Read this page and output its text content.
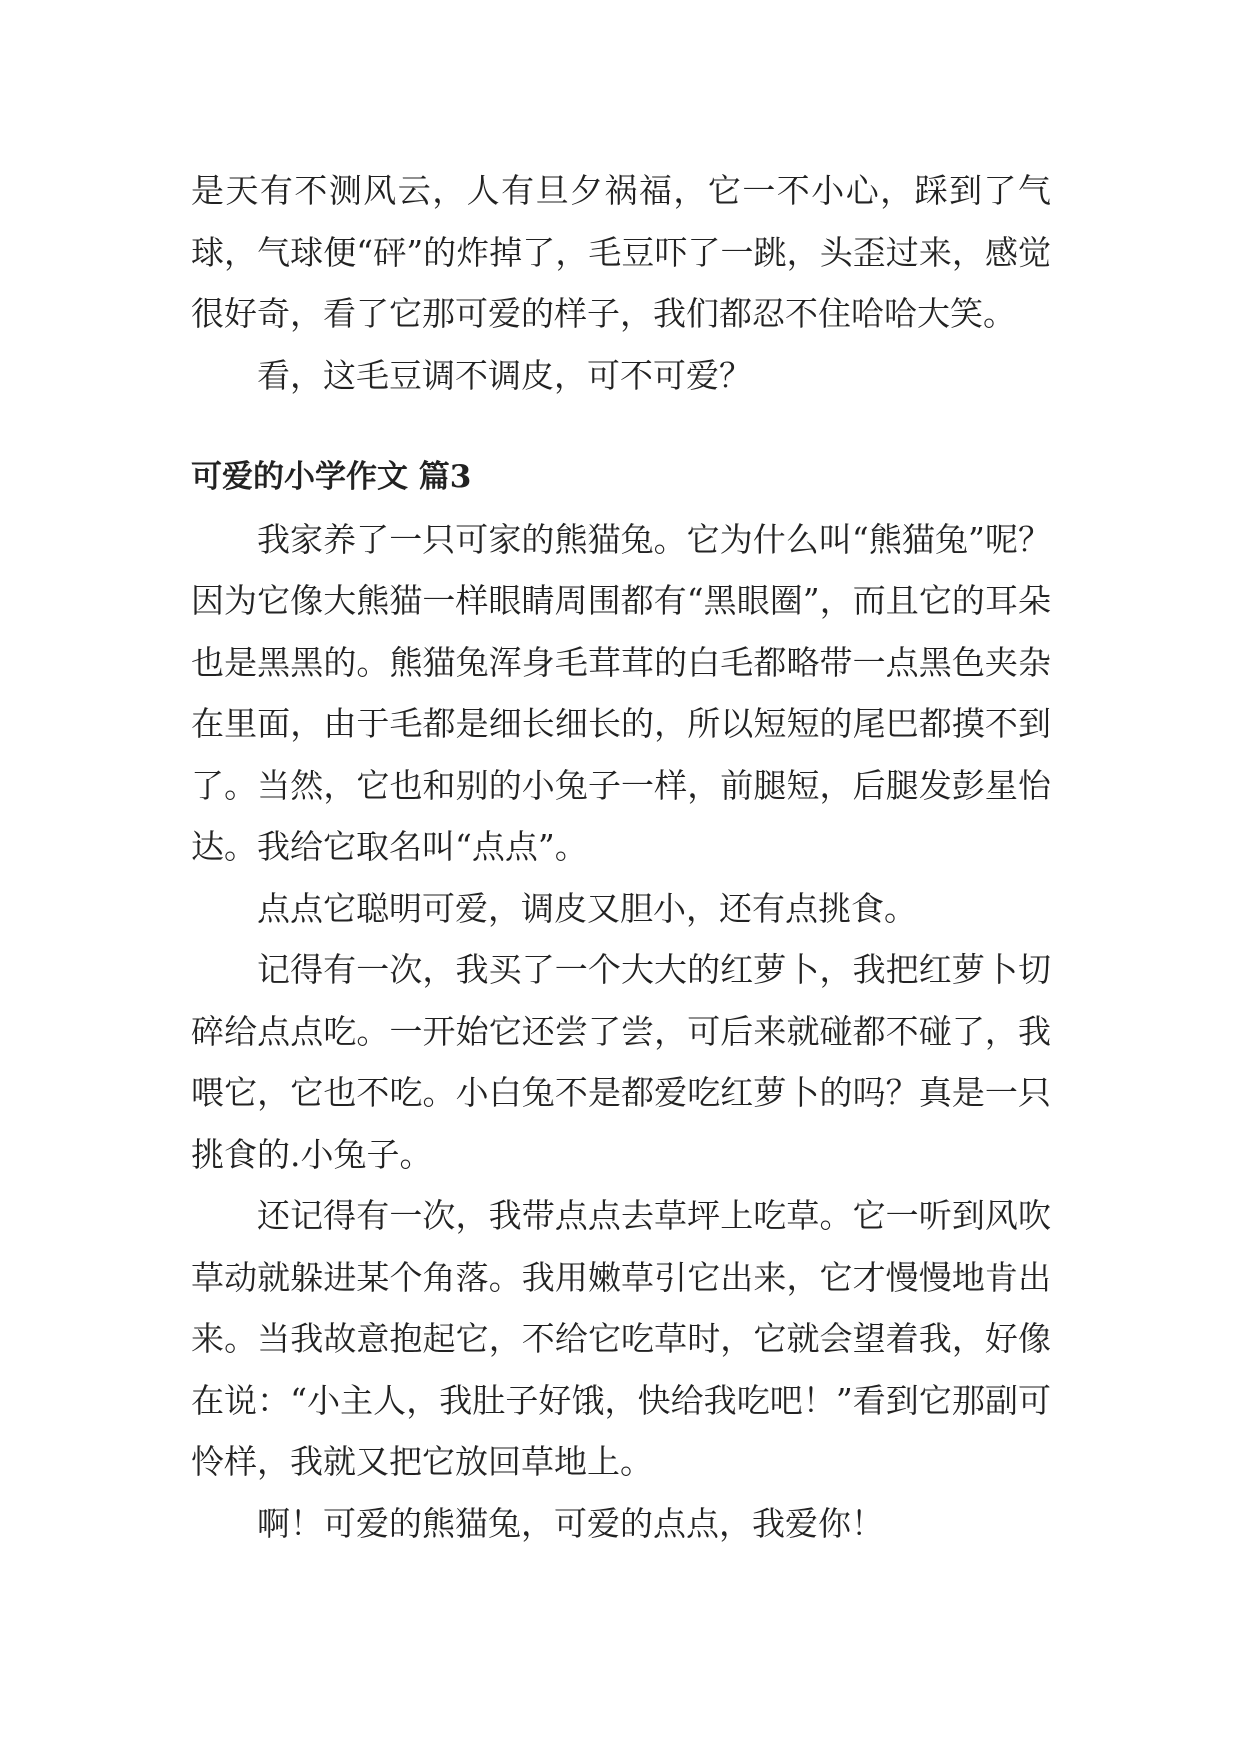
是天有不测风云，人有旦夕祸福，它一不小心，踩到了气球，气球便“砰”的炸掉了，毛豆吓了一跳，头歪过来，感觉很好奇，看了它那可爱的样子，我们都忍不住哈哈大笑。

看，这毛豆调不调皮，可不可爱？

可爱的小学作文 篇3

我家养了一只可家的熊猫兔。它为什么叫“熊猫兔”呢？因为它像大熊猫一样眼睛周围都有“黑眼圈”，而且它的耳朵也是黑黑的。熊猫兔浑身毛茸茸的白毛都略带一点黑色夹杂在里面，由于毛都是细长细长的，所以短短的尾巴都摸不到了。当然，它也和别的小兔子一样，前腿短，后腿发彭星怡达。我给它取名叫“点点”。

点点它聪明可爱，调皮又胆小，还有点挑食。

记得有一次，我买了一个大大的红萝卜，我把红萝卜切碎给点点吃。一开始它还尝了尝，可后来就碰都不碰了，我喂它，它也不吃。小白兔不是都爱吃红萝卜的吗？真是一只挑食的.小兔子。

还记得有一次，我带点点去草坪上吃草。它一听到风吹草动就躲进某个角落。我用嫩草引它出来，它才慢慢地肯出来。当我故意抱起它，不给它吃草时，它就会望着我，好像在说：“小主人，我肚子好饿，快给我吃吧！”看到它那副可怜样，我就又把它放回草地上。

啊！可爱的熊猫兔，可爱的点点，我爱你！
